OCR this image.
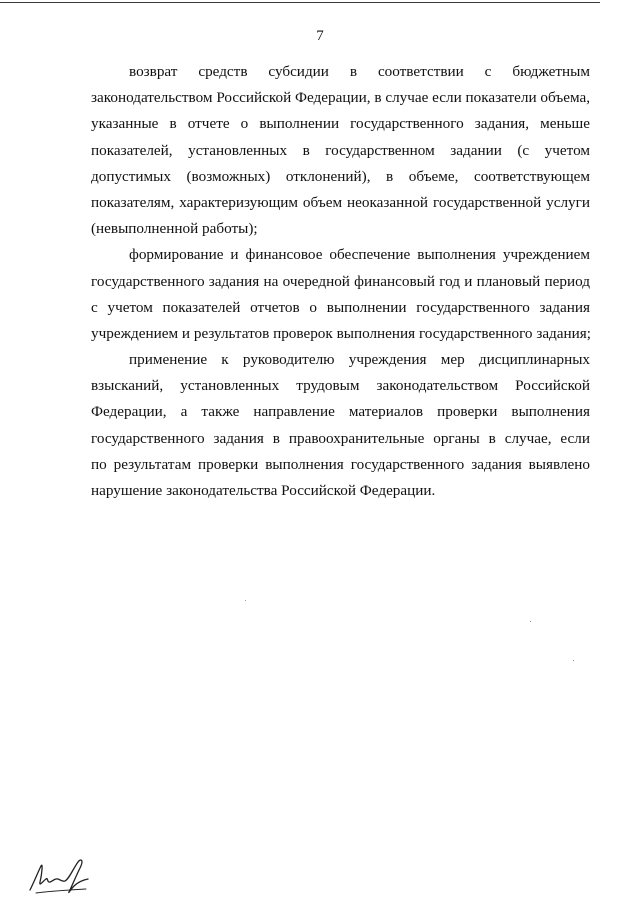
7
возврат средств субсидии в соответствии с бюджетным
законодательством Российской Федерации, в случае если показатели объема,
указанные в отчете о выполнении государственного задания, меньше
показателей, установленных в государственном задании (с учетом
допустимых (возможных) отклонений), в объеме, соответствующем
показателям, характеризующим объем неоказанной государственной услуги
(невыполненной работы);
формирование и финансовое обеспечение выполнения учреждением
государственного задания на очередной финансовый год и плановый период
с учетом показателей отчетов о выполнении государственного задания
учреждением и результатов проверок выполнения государственного задания;
применение к руководителю учреждения мер дисциплинарных
взысканий, установленных трудовым законодательством Российской
Федерации, а также направление материалов проверки выполнения
государственного задания в правоохранительные органы в случае, если
по результатам проверки выполнения государственного задания выявлено
нарушение законодательства Российской Федерации.
